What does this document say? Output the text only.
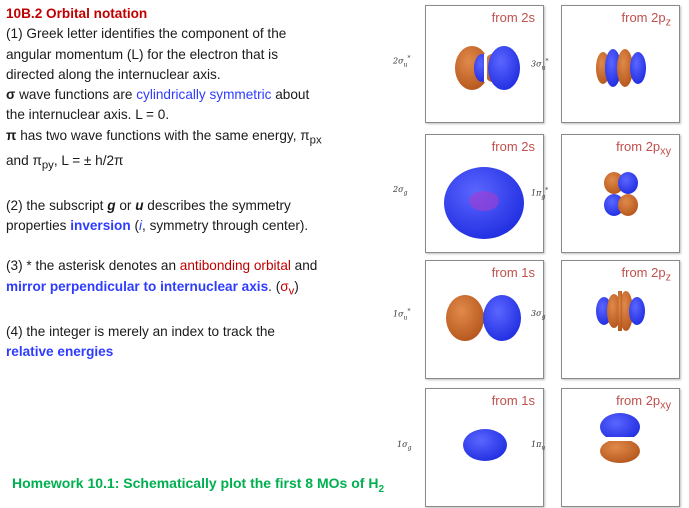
10B.2 Orbital notation

(1) Greek letter identifies the component of the

angular momentum (L) for the electron that is

directed along the internuclear axis.

σ wave functions are cylindrically symmetric about

the internuclear axis. L = 0.

π has two wave functions with the same energy, $\pi_{px}$

and $\pi_{py}$, L = ± h/2π

(2) the subscript g or u describes the symmetry

properties inversion (i, symmetry through center).

(3) * the asterisk denotes an antibonding orbital and

mirror perpendicular to internuclear axis. $(\sigma_v)$

(4) the integer is merely an index to track the

relative energies

Homework 10.1: Schematically plot the first 8 MOs of $H_2$
from 2s
$2\sigma_u^*$
from 2s
$2\sigma_g$
from 1s
$1\sigma_u^*$
from 1s
$1\sigma_g$
from $2p_z$
$3\sigma_u^*$
from $2p_{xy}$
$1\pi_g^*$
from $2p_z$
$3\sigma_g$
from $2p_{xy}$
$1\pi_u$
